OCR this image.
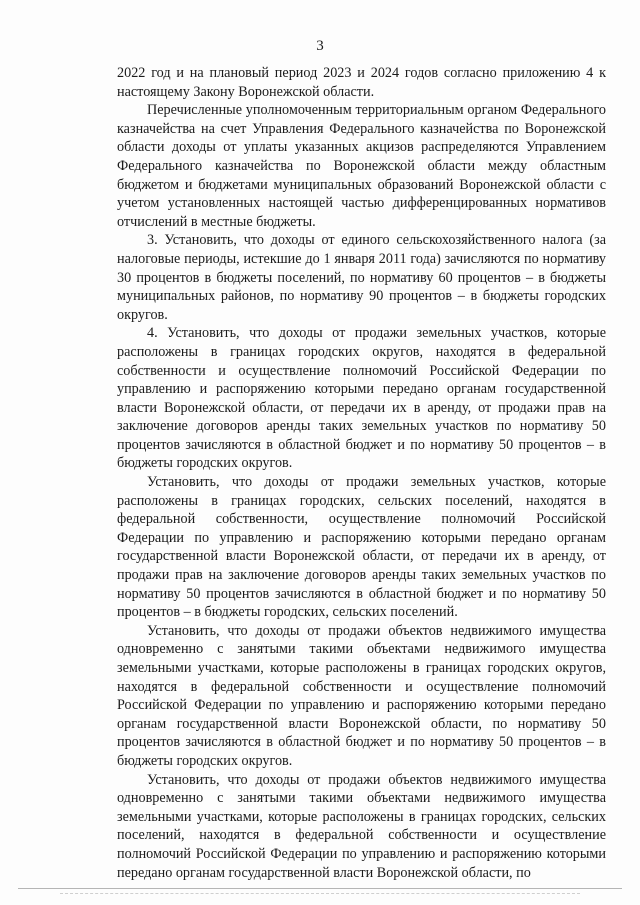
3

2022 год и на плановый период 2023 и 2024 годов согласно приложению 4 к настоящему Закону Воронежской области.

Перечисленные уполномоченным территориальным органом Федерального казначейства на счет Управления Федерального казначейства по Воронежской области доходы от уплаты указанных акцизов распределяются Управлением Федерального казначейства по Воронежской области между областным бюджетом и бюджетами муниципальных образований Воронежской области с учетом установленных настоящей частью дифференцированных нормативов отчислений в местные бюджеты.

3. Установить, что доходы от единого сельскохозяйственного налога (за налоговые периоды, истекшие до 1 января 2011 года) зачисляются по нормативу 30 процентов в бюджеты поселений, по нормативу 60 процентов – в бюджеты муниципальных районов, по нормативу 90 процентов – в бюджеты городских округов.

4. Установить, что доходы от продажи земельных участков, которые расположены в границах городских округов, находятся в федеральной собственности и осуществление полномочий Российской Федерации по управлению и распоряжению которыми передано органам государственной власти Воронежской области, от передачи их в аренду, от продажи прав на заключение договоров аренды таких земельных участков по нормативу 50 процентов зачисляются в областной бюджет и по нормативу 50 процентов – в бюджеты городских округов.

Установить, что доходы от продажи земельных участков, которые расположены в границах городских, сельских поселений, находятся в федеральной собственности, осуществление полномочий Российской Федерации по управлению и распоряжению которыми передано органам государственной власти Воронежской области, от передачи их в аренду, от продажи прав на заключение договоров аренды таких земельных участков по нормативу 50 процентов зачисляются в областной бюджет и по нормативу 50 процентов – в бюджеты городских, сельских поселений.

Установить, что доходы от продажи объектов недвижимого имущества одновременно с занятыми такими объектами недвижимого имущества земельными участками, которые расположены в границах городских округов, находятся в федеральной собственности и осуществление полномочий Российской Федерации по управлению и распоряжению которыми передано органам государственной власти Воронежской области, по нормативу 50 процентов зачисляются в областной бюджет и по нормативу 50 процентов – в бюджеты городских округов.

Установить, что доходы от продажи объектов недвижимого имущества одновременно с занятыми такими объектами недвижимого имущества земельными участками, которые расположены в границах городских, сельских поселений, находятся в федеральной собственности и осуществление полномочий Российской Федерации по управлению и распоряжению которыми передано органам государственной власти Воронежской области, по
